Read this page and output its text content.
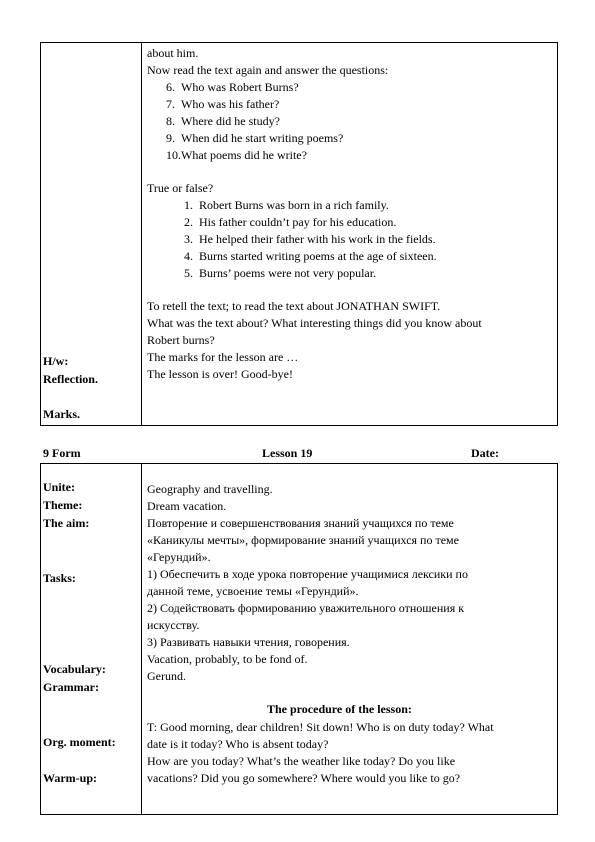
H/w:
Reflection.
Marks.
about him.
Now read the text again and answer the questions:
6. Who was Robert Burns?
7. Who was his father?
8. Where did he study?
9. When did he start writing poems?
10.What poems did he write?
True or false?
1. Robert Burns was born in a rich family.
2. His father couldn’t pay for his education.
3. He helped their father with his work in the fields.
4. Burns started writing poems at the age of sixteen.
5. Burns’ poems were not very popular.
To retell the text; to read the text about JONATHAN SWIFT.
What was the text about? What interesting things did you know about
Robert burns?
The marks for the lesson are …
The lesson is over! Good-bye!
9 Form	Lesson 19	Date:
Unite:
Theme:
The aim:
Tasks:
Vocabulary:
Grammar:
Org. moment:
Warm-up:
Geography and travelling.
Dream vacation.
Повторение и совершенствования знаний учащихся по теме
«Каникулы мечты», формирование знаний учащихся по теме
«Герундий».
1) Обеспечить в ходе урока повторение учащимися лексики по
данной теме, усвоение темы «Герундий».
2) Содействовать формированию уважительного отношения к
искусству.
3) Развивать навыки чтения, говорения.
Vacation, probably, to be fond of.
Gerund.
The procedure of the lesson:
T: Good morning, dear children! Sit down! Who is on duty today? What
date is it today? Who is absent today?
How are you today? What’s the weather like today? Do you like
vacations? Did you go somewhere? Where would you like to go?
